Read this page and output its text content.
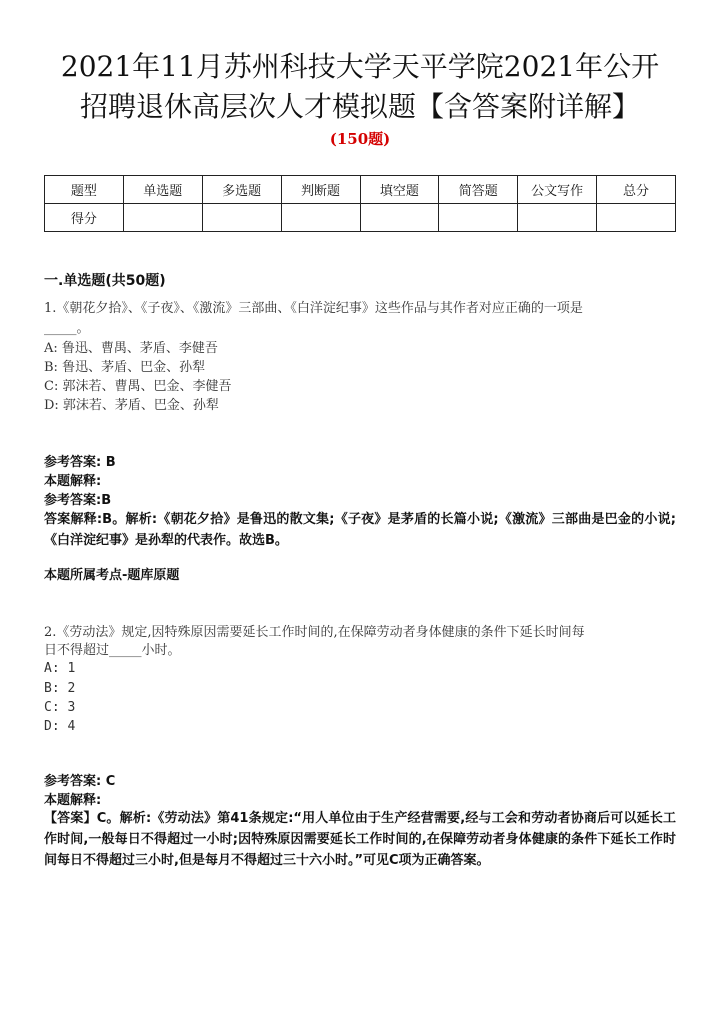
2021年11月苏州科技大学天平学院2021年公开
招聘退休高层次人才模拟题【含答案附详解】
(150题)
题型	单选题	多选题	判断题	填空题	简答题	公文写作	总分
得分							
一.单选题(共50题)
1.《朝花夕拾》、《子夜》、《激流》三部曲、《白洋淀纪事》这些作品与其作者对应正确的一项是
_____。
A: 鲁迅、曹禺、茅盾、李健吾
B: 鲁迅、茅盾、巴金、孙犁
C: 郭沫若、曹禺、巴金、李健吾
D: 郭沫若、茅盾、巴金、孙犁
参考答案: B
本题解释:
参考答案:B
答案解释:B。解析:《朝花夕拾》是鲁迅的散文集;《子夜》是茅盾的长篇小说;《激流》三部曲是巴金的小说;《白洋淀纪事》是孙犁的代表作。故选B。
本题所属考点-题库原题
2.《劳动法》规定,因特殊原因需要延长工作时间的,在保障劳动者身体健康的条件下延长时间每
日不得超过_____小时。
A: 1
B: 2
C: 3
D: 4
参考答案: C
本题解释:
【答案】C。解析:《劳动法》第41条规定:“用人单位由于生产经营需要,经与工会和劳动者协商后可以延长工作时间,一般每日不得超过一小时;因特殊原因需要延长工作时间的,在保障劳动者身体健康的条件下延长工作时间每日不得超过三小时,但是每月不得超过三十六小时。”可见C项为正确答案。
